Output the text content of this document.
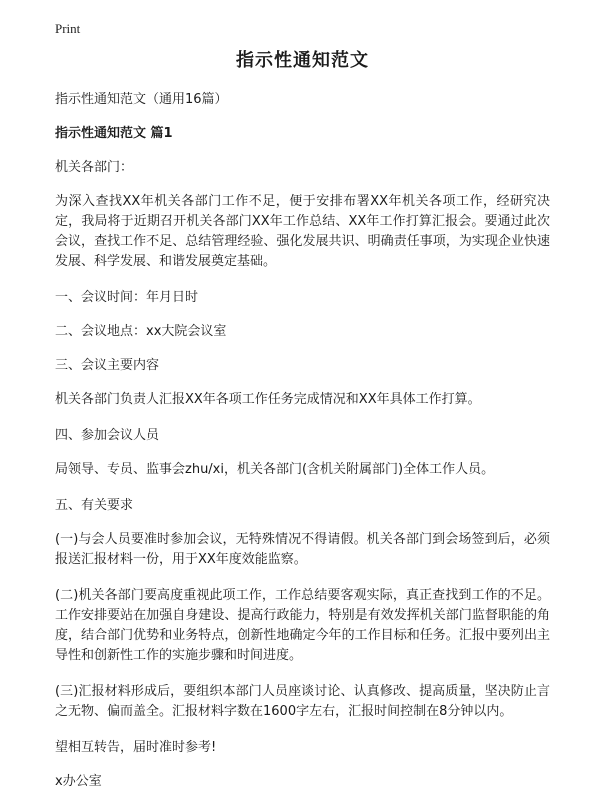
Print
指示性通知范文
指示性通知范文（通用16篇）
指示性通知范文 篇1
机关各部门：
为深入查找XX年机关各部门工作不足，便于安排布署XX年机关各项工作，经研究决定，我局将于近期召开机关各部门XX年工作总结、XX年工作打算汇报会。要通过此次会议，查找工作不足、总结管理经验、强化发展共识、明确责任事项，为实现企业快速发展、科学发展、和谐发展奠定基础。
一、会议时间：年月日时
二、会议地点：xx大院会议室
三、会议主要内容
机关各部门负责人汇报XX年各项工作任务完成情况和XX年具体工作打算。
四、参加会议人员
局领导、专员、监事会zhu/xi，机关各部门(含机关附属部门)全体工作人员。
五、有关要求
(一)与会人员要准时参加会议，无特殊情况不得请假。机关各部门到会场签到后，必须报送汇报材料一份，用于XX年度效能监察。
(二)机关各部门要高度重视此项工作，工作总结要客观实际，真正查找到工作的不足。工作安排要站在加强自身建设、提高行政能力，特别是有效发挥机关部门监督职能的角度，结合部门优势和业务特点，创新性地确定今年的工作目标和任务。汇报中要列出主导性和创新性工作的实施步骤和时间进度。
(三)汇报材料形成后，要组织本部门人员座谈讨论、认真修改、提高质量，坚决防止言之无物、偏而盖全。汇报材料字数在1600字左右，汇报时间控制在8分钟以内。
望相互转告，届时准时参考!
x办公室
